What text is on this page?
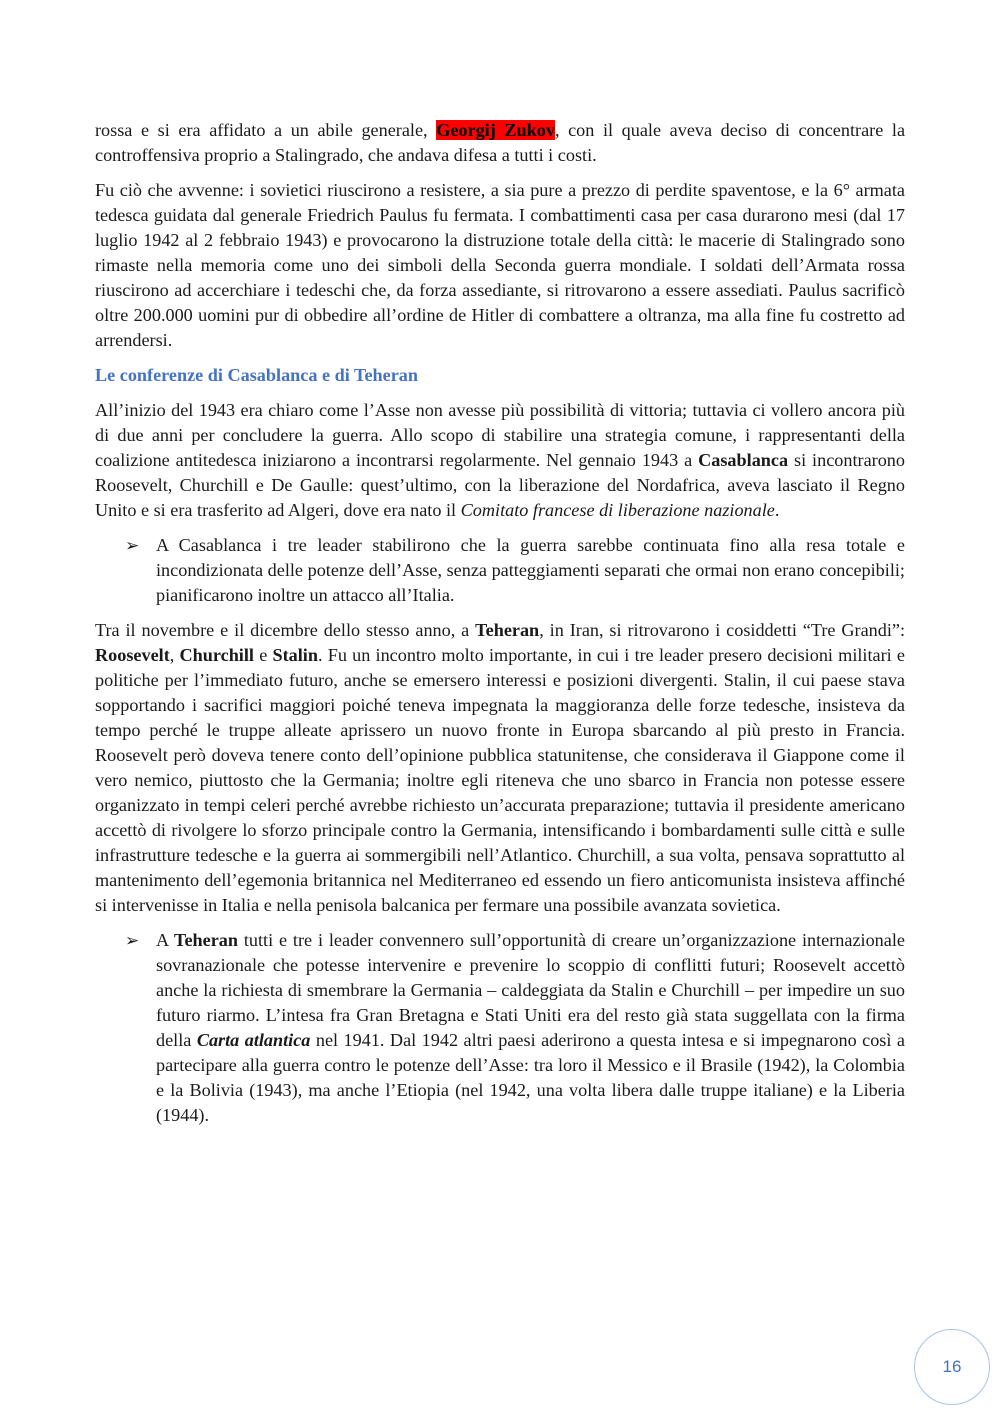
rossa e si era affidato a un abile generale, Georgij Zukov, con il quale aveva deciso di concentrare la controffensiva proprio a Stalingrado, che andava difesa a tutti i costi.

Fu ciò che avvenne: i sovietici riuscirono a resistere, a sia pure a prezzo di perdite spaventose, e la 6° armata tedesca guidata dal generale Friedrich Paulus fu fermata. I combattimenti casa per casa durarono mesi (dal 17 luglio 1942 al 2 febbraio 1943) e provocarono la distruzione totale della città: le macerie di Stalingrado sono rimaste nella memoria come uno dei simboli della Seconda guerra mondiale. I soldati dell’Armata rossa riuscirono ad accerchiare i tedeschi che, da forza assediante, si ritrovarono a essere assediati. Paulus sacrificò oltre 200.000 uomini pur di obbedire all’ordine de Hitler di combattere a oltranza, ma alla fine fu costretto ad arrendersi.

Le conferenze di Casablanca e di Teheran

All’inizio del 1943 era chiaro come l’Asse non avesse più possibilità di vittoria; tuttavia ci vollero ancora più di due anni per concludere la guerra. Allo scopo di stabilire una strategia comune, i rappresentanti della coalizione antitedesca iniziarono a incontrarsi regolarmente. Nel gennaio 1943 a Casablanca si incontrarono Roosevelt, Churchill e De Gaulle: quest’ultimo, con la liberazione del Nordafrica, aveva lasciato il Regno Unito e si era trasferito ad Algeri, dove era nato il Comitato francese di liberazione nazionale.

➢ A Casablanca i tre leader stabilirono che la guerra sarebbe continuata fino alla resa totale e incondizionata delle potenze dell’Asse, senza patteggiamenti separati che ormai non erano concepibili; pianificarono inoltre un attacco all’Italia.

Tra il novembre e il dicembre dello stesso anno, a Teheran, in Iran, si ritrovarono i cosiddetti “Tre Grandi”: Roosevelt, Churchill e Stalin. Fu un incontro molto importante, in cui i tre leader presero decisioni militari e politiche per l’immediato futuro, anche se emersero interessi e posizioni divergenti. Stalin, il cui paese stava sopportando i sacrifici maggiori poiché teneva impegnata la maggioranza delle forze tedesche, insisteva da tempo perché le truppe alleate aprissero un nuovo fronte in Europa sbarcando al più presto in Francia. Roosevelt però doveva tenere conto dell’opinione pubblica statunitense, che considerava il Giappone come il vero nemico, piuttosto che la Germania; inoltre egli riteneva che uno sbarco in Francia non potesse essere organizzato in tempi celeri perché avrebbe richiesto un’accurata preparazione; tuttavia il presidente americano accettò di rivolgere lo sforzo principale contro la Germania, intensificando i bombardamenti sulle città e sulle infrastrutture tedesche e la guerra ai sommergibili nell’Atlantico. Churchill, a sua volta, pensava soprattutto al mantenimento dell’egemonia britannica nel Mediterraneo ed essendo un fiero anticomunista insisteva affinché si intervenisse in Italia e nella penisola balcanica per fermare una possibile avanzata sovietica.

➢ A Teheran tutti e tre i leader convennero sull’opportunità di creare un’organizzazione internazionale sovranazionale che potesse intervenire e prevenire lo scoppio di conflitti futuri; Roosevelt accettò anche la richiesta di smembrare la Germania – caldeggiata da Stalin e Churchill – per impedire un suo futuro riarmo. L’intesa fra Gran Bretagna e Stati Uniti era del resto già stata suggellata con la firma della Carta atlantica nel 1941. Dal 1942 altri paesi aderirono a questa intesa e si impegnarono così a partecipare alla guerra contro le potenze dell’Asse: tra loro il Messico e il Brasile (1942), la Colombia e la Bolivia (1943), ma anche l’Etiopia (nel 1942, una volta libera dalle truppe italiane) e la Liberia (1944).
16
